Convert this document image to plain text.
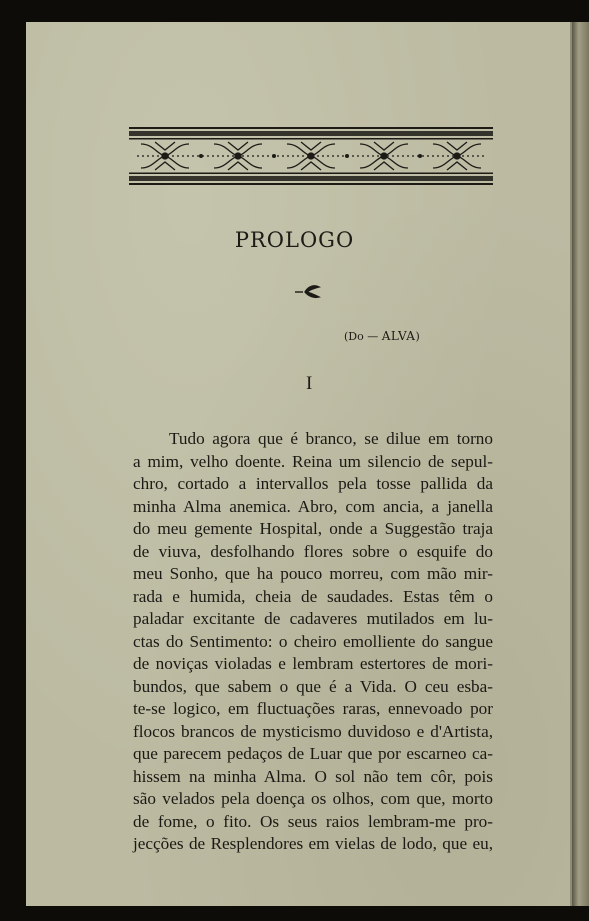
PROLOGO
(Do — ALVA)
I
Tudo agora que é branco, se dilue em torno
a mim, velho doente. Reina um silencio de sepul-
chro, cortado a intervallos pela tosse pallida da
minha Alma anemica. Abro, com ancia, a janella
do meu gemente Hospital, onde a Suggestão traja
de viuva, desfolhando flores sobre o esquife do
meu Sonho, que ha pouco morreu, com mão mir-
rada e humida, cheia de saudades. Estas têm o
paladar excitante de cadaveres mutilados em lu-
ctas do Sentimento: o cheiro emolliente do sangue
de noviças violadas e lembram estertores de mori-
bundos, que sabem o que é a Vida. O ceu esba-
te-se logico, em fluctuações raras, ennevoado por
flocos brancos de mysticismo duvidoso e d'Artista,
que parecem pedaços de Luar que por escarneo ca-
hissem na minha Alma. O sol não tem côr, pois
são velados pela doença os olhos, com que, morto
de fome, o fito. Os seus raios lembram-me pro-
jecções de Resplendores em vielas de lodo, que eu,
